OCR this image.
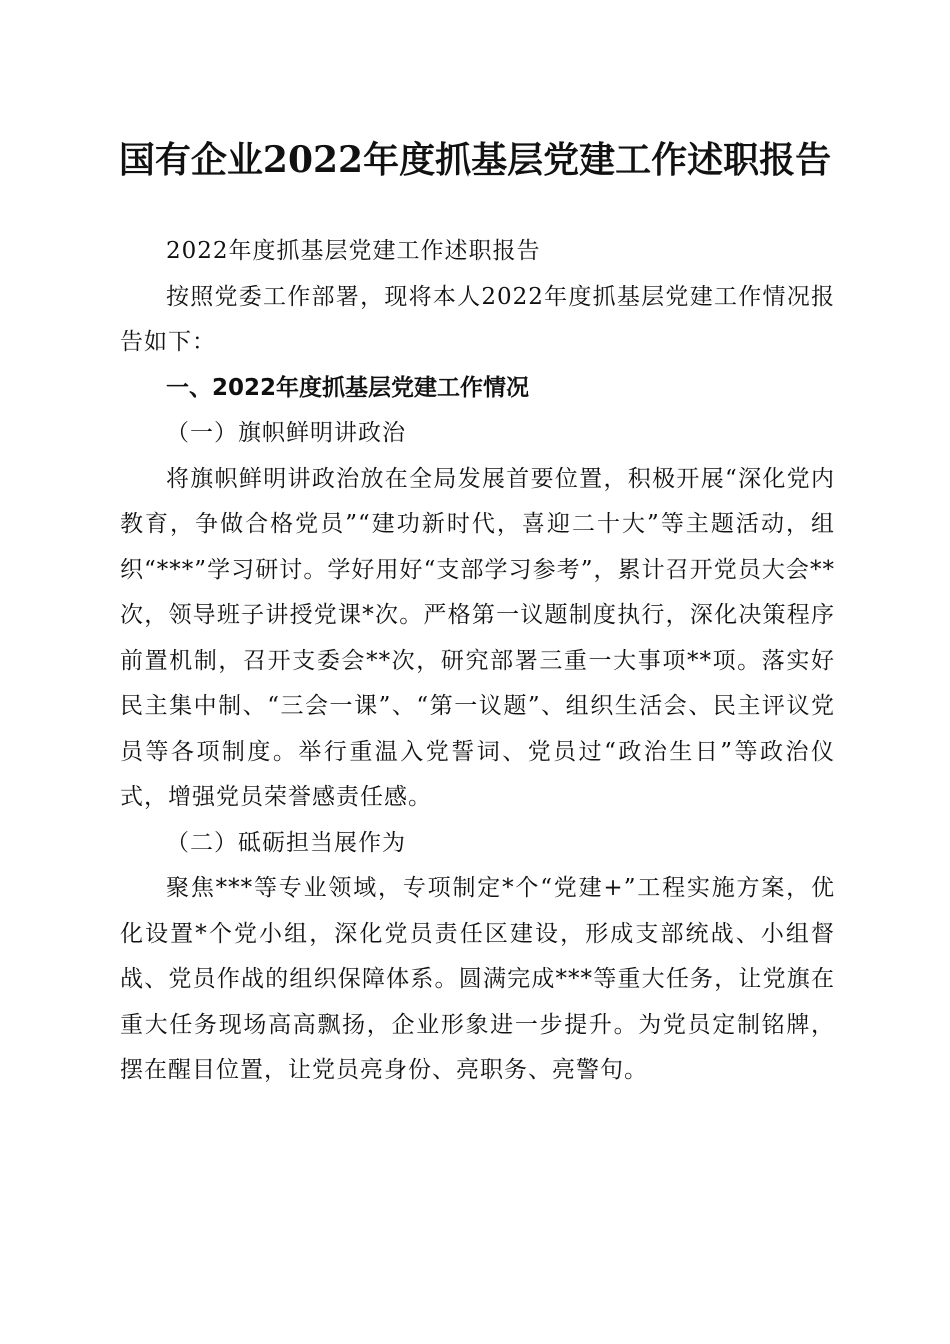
国有企业2022年度抓基层党建工作述职报告

2022年度抓基层党建工作述职报告

按照党委工作部署，现将本人2022年度抓基层党建工作情况报告如下：

一、2022年度抓基层党建工作情况

（一）旗帜鲜明讲政治

将旗帜鲜明讲政治放在全局发展首要位置，积极开展“深化党内教育，争做合格党员”“建功新时代，喜迎二十大”等主题活动，组织“***”学习研讨。学好用好“支部学习参考”，累计召开党员大会**次，领导班子讲授党课*次。严格第一议题制度执行，深化决策程序前置机制，召开支委会**次，研究部署三重一大事项**项。落实好民主集中制、“三会一课”、“第一议题”、组织生活会、民主评议党员等各项制度。举行重温入党誓词、党员过“政治生日”等政治仪式，增强党员荣誉感责任感。

（二）砥砺担当展作为

聚焦***等专业领域，专项制定*个“党建+”工程实施方案，优化设置*个党小组，深化党员责任区建设，形成支部统战、小组督战、党员作战的组织保障体系。圆满完成***等重大任务，让党旗在重大任务现场高高飘扬，企业形象进一步提升。为党员定制铭牌，摆在醒目位置，让党员亮身份、亮职务、亮警句。
